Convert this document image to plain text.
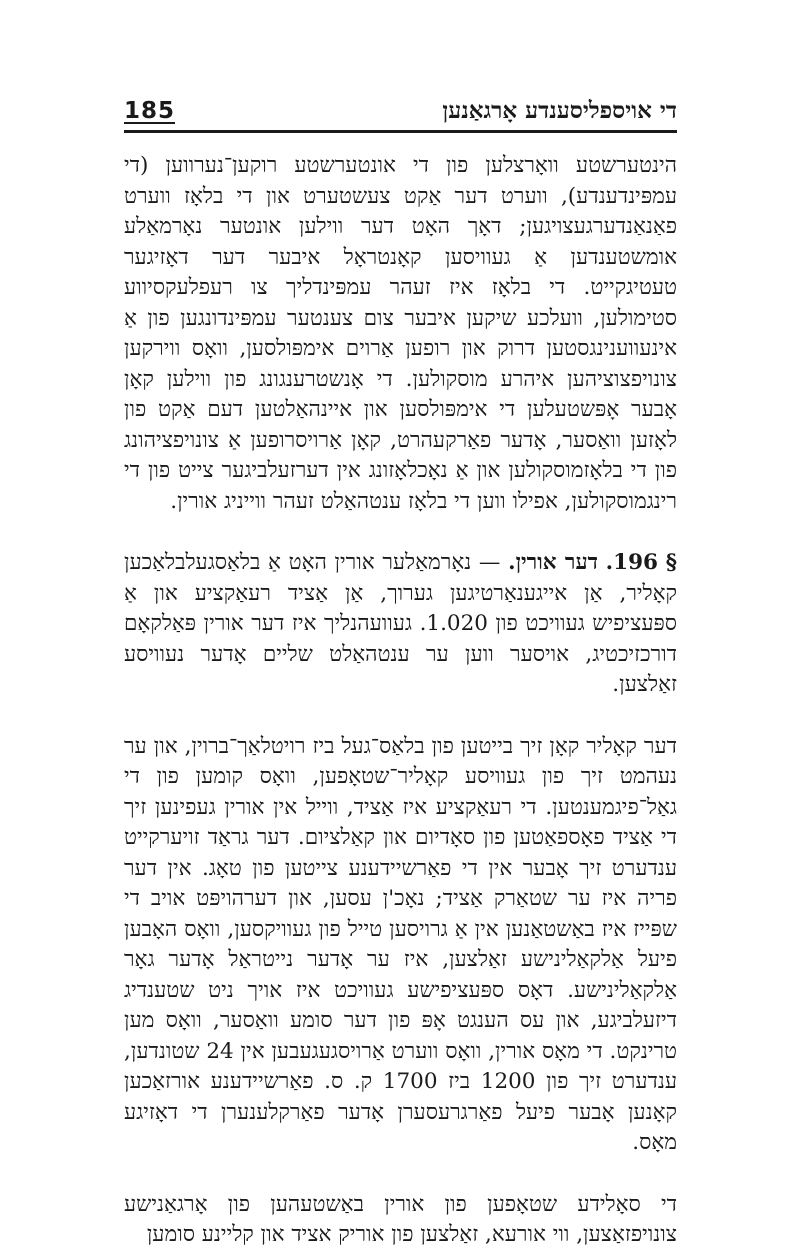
185	די אויספליסענדע אָרגאַנען

הינטערשטע וואָרצלען פון די אונטערשטע רוקען־נערווען (די עמפּינדענדע), ווערט דער אַקט צעשטערט און די בלאָז ווערט פאַנאַנדערגעצויגען; דאָך האָט דער ווילען אונטער נאָרמאַלע אומשטענדען אַ געוויסען קאָנטראָל איבער דער דאָזיגער טעטיגקייט. די בלאָז איז זעהר עמפּינדליך צו רעפלעקסיווע סטימולען, וועלכע שיקען איבער צום צענטער עמפּינדונגען פון אַ אינעווענינגסטען דרוק און רופען אַרוים אימפּולסען, וואָס ווירקען צונויפצוציהען איהרע מוסקולען. די אָנשטרענגונג פון ווילען קאָן אָבער אָפּשטעלען די אימפּולסען און איינהאַלטען דעם אַקט פון לאָזען וואַסער, אָדער פאַרקעהרט, קאָן אַרויסרופען אַ צונויפציהונג פון די בלאָזמוסקולען און אַ נאָכלאָזונג אין דערזעלביגער צייט פון די רינגמוסקולען, אפילו ווען די בלאָז ענטהאַלט זעהר ווייניג אורין.

§ 196. דער אורין. — נאָרמאַלער אורין האָט אַ בלאַסגעלבלאַכען קאָליר, אַן אייגענאַרטיגען גערוך, אַן אַציד רעאַקציע און אַ ספּעציפיש געוויכט פון 1.020. געוועהנליך איז דער אורין פּאַלקאָם דורכזיכטיג, אויסער ווען ער ענטהאַלט שליים אָדער נעוויסע זאַלצען.

דער קאָליר קאָן זיך בייטען פון בלאַס־געל ביז רויטלאַך־ברוין, און ער נעהמט זיך פון געוויסע קאָליר־שטאָפען, וואָס קומען פון די גאַל־פיגמענטען. די רעאַקציע איז אַציד, ווייל אין אורין געפינען זיך די אַציד פאָספאַטען פון סאָדיום און קאַלציום. דער גראַד זויערקייט ענדערט זיך אָבער אין די פאַרשיידענע צייטען פון טאָג. אין דער פריה איז ער שטאַרק אַציד; נאָכ'ן עסען, און דערהויפּט אויב די שפּייז איז באַשטאַנען אין אַ גרויסען טייל פון געוויקסען, וואָס האָבען פיעל אַלקאַלינישע זאַלצען, איז ער אָדער נייטראַל אָדער גאָר אַלקאַלינישע. דאָס ספּעציפישע געוויכט איז אויך ניט שטענדיג דיזעלביגע, און עס הענגט אָפּ פון דער סומע וואַסער, וואָס מען טרינקט. די מאָס אורין, וואָס ווערט אַרויסגעגעבען אין 24 שטונדען, ענדערט זיך פון 1200 ביז 1700 ק. ס. פאַרשיידענע אורזאַכען קאָנען אָבער פיעל פאַרגרעסערן אָדער פאַרקלענערן די דאָזיגע מאָס.

די סאָלידע שטאָפען פון אורין באַשטעהען פון אָרגאַנישע צונויפזאַצען, ווי אורעא, זאַלצען פון אוריק אציד און קליינע סומען
